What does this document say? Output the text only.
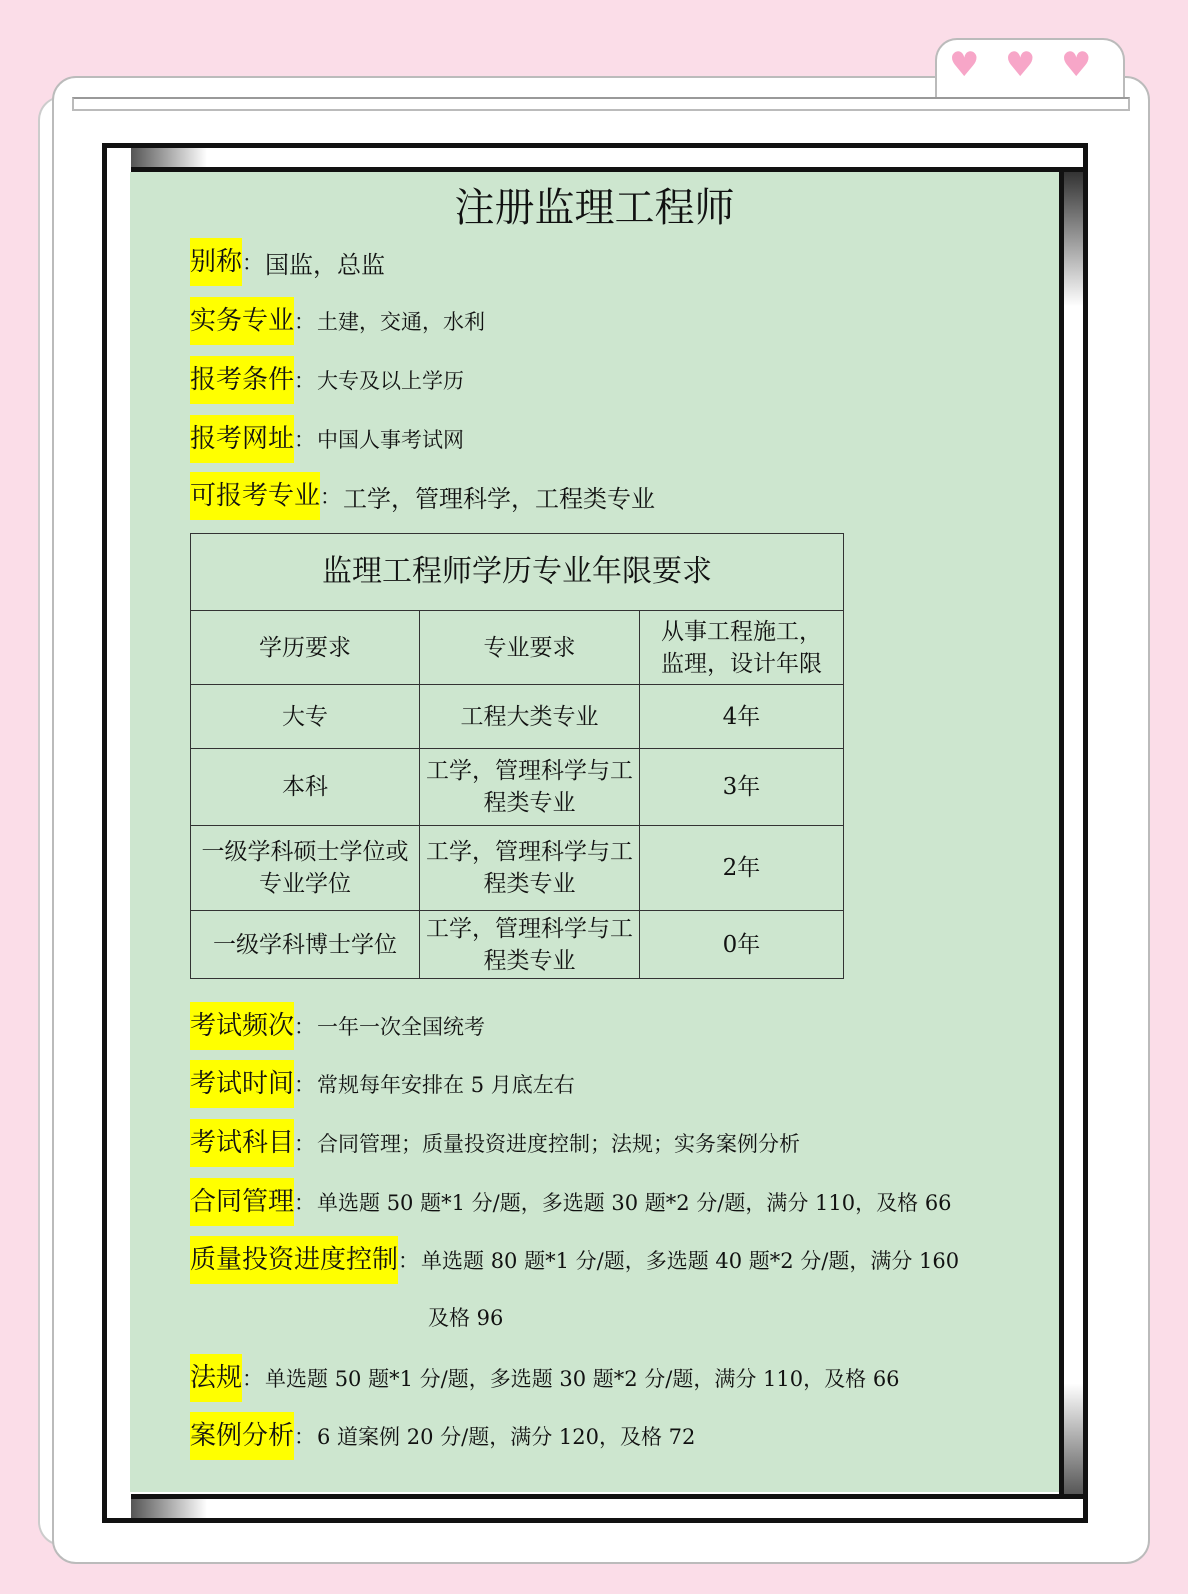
♥ ♥ ♥
注册监理工程师
别称 ： 国监，总监
实务专业 ： 土建，交通，水利
报考条件 ： 大专及以上学历
报考网址 ： 中国人事考试网
可报考专业 ： 工学，管理科学，工程类专业
监理工程师学历专业年限要求		
学历要求	专业要求	从事工程施工，监理，设计年限
大专	工程大类专业	4年
本科	工学，管理科学与工程类专业	3年
一级学科硕士学位或专业学位	工学，管理科学与工程类专业	2年
一级学科博士学位	工学，管理科学与工程类专业	0年
考试频次 ： 一年一次全国统考
考试时间 ： 常规每年安排在 5 月底左右
考试科目 ： 合同管理；质量投资进度控制；法规；实务案例分析
合同管理 ： 单选题 50 题*1 分/题，多选题 30 题*2 分/题，满分 110，及格 66
质量投资进度控制 ： 单选题 80 题*1 分/题，多选题 40 题*2 分/题，满分 160
及格 96
法规 ： 单选题 50 题*1 分/题，多选题 30 题*2 分/题，满分 110，及格 66
案例分析 ： 6 道案例 20 分/题，满分 120，及格 72
